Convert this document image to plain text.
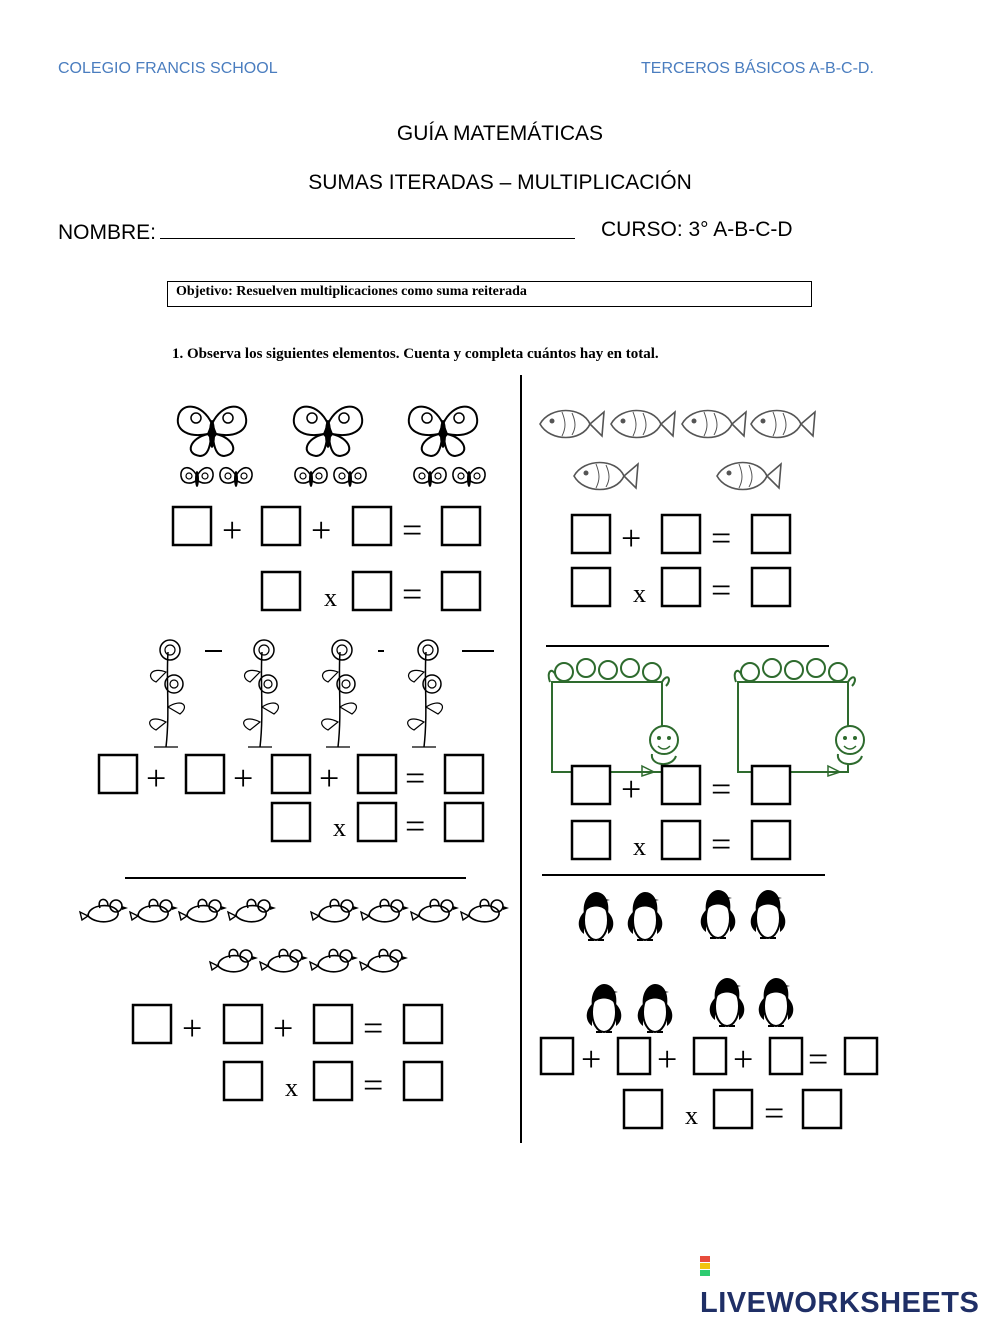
COLEGIO FRANCIS SCHOOL	TERCEROS BÁSICOS A-B-C-D.
GUÍA MATEMÁTICAS
SUMAS ITERADAS – MULTIPLICACIÓN
NOMBRE:	CURSO: 3° A-B-C-D
Objetivo: Resuelven multiplicaciones como suma reiterada
1. Observa los siguientes elementos. Cuenta y completa cuántos hay en total.
+ + =
x =
+ =
x =
+ + + =
x =
+ =
x =
+ + =
x =
+ + + =
x =
LIVEWORKSHEETS
